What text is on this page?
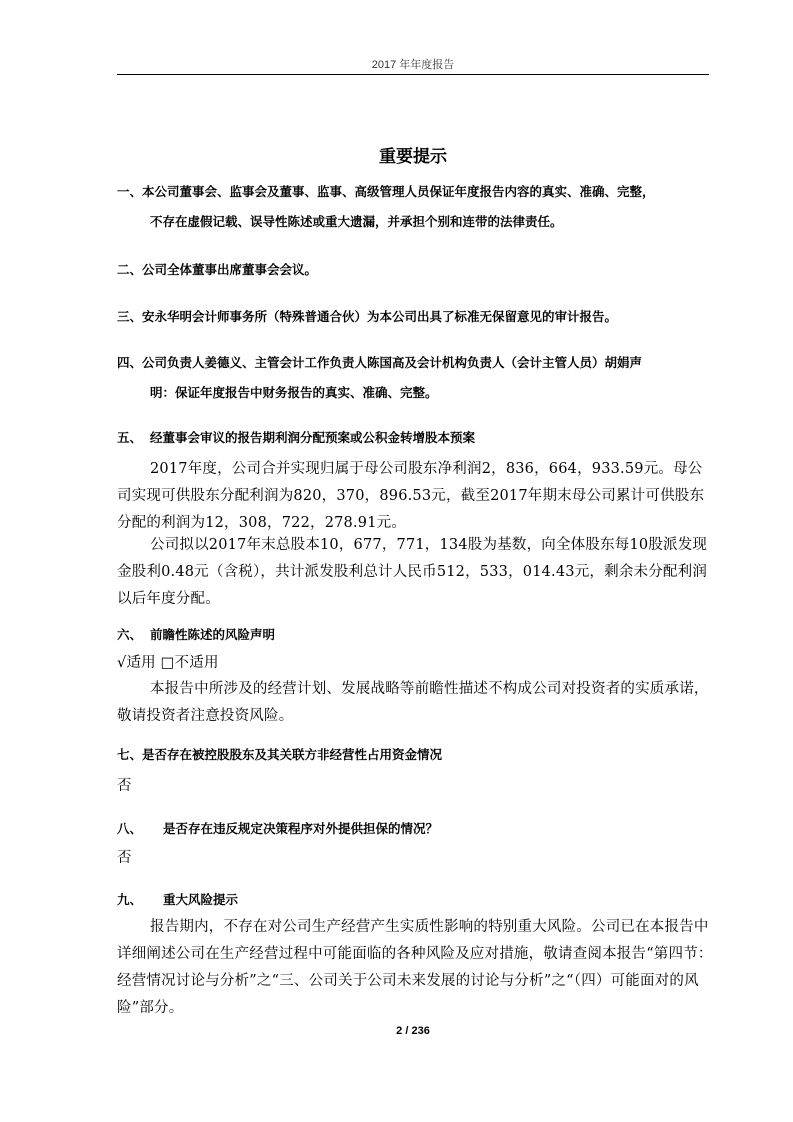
2017 年年度报告
重要提示
一、本公司董事会、监事会及董事、监事、高级管理人员保证年度报告内容的真实、准确、完整，
不存在虚假记载、误导性陈述或重大遗漏，并承担个别和连带的法律责任。
二、公司全体董事出席董事会会议。
三、安永华明会计师事务所（特殊普通合伙）为本公司出具了标准无保留意见的审计报告。
四、公司负责人姜德义、主管会计工作负责人陈国高及会计机构负责人（会计主管人员）胡娟声
明：保证年度报告中财务报告的真实、准确、完整。
五、 经董事会审议的报告期利润分配预案或公积金转增股本预案
2017年度，公司合并实现归属于母公司股东净利润2，836，664，933.59元。母公司实现可供股东分配利润为820，370，896.53元，截至2017年期末母公司累计可供股东分配的利润为12，308，722，278.91元。
公司拟以2017年末总股本10，677，771，134股为基数，向全体股东每10股派发现金股利0.48元（含税），共计派发股利总计人民币512，533，014.43元，剩余未分配利润以后年度分配。
六、 前瞻性陈述的风险声明
√适用 □不适用
本报告中所涉及的经营计划、发展战略等前瞻性描述不构成公司对投资者的实质承诺，敬请投资者注意投资风险。
七、是否存在被控股股东及其关联方非经营性占用资金情况
否
八、 是否存在违反规定决策程序对外提供担保的情况？
否
九、 重大风险提示
报告期内，不存在对公司生产经营产生实质性影响的特别重大风险。公司已在本报告中详细阐述公司在生产经营过程中可能面临的各种风险及应对措施，敬请查阅本报告“第四节：经营情况讨论与分析”之“三、公司关于公司未来发展的讨论与分析”之“（四）可能面对的风险”部分。
2 / 236
